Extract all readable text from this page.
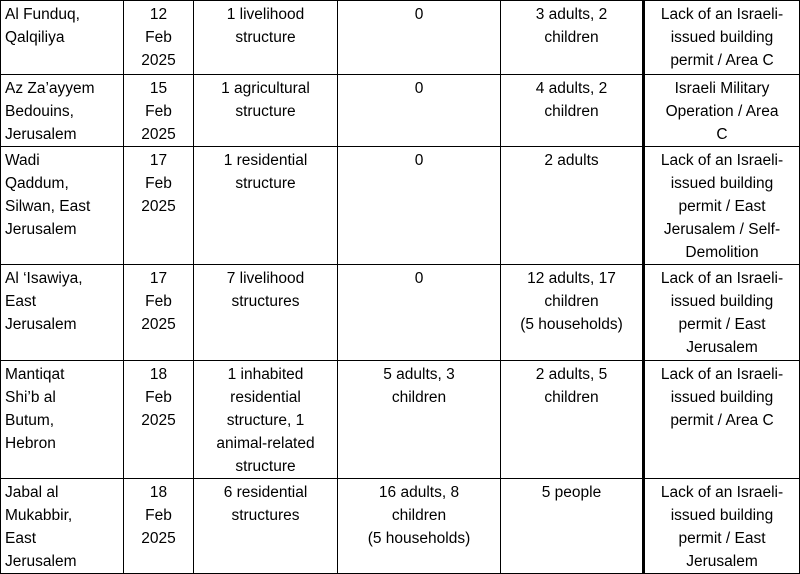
Al Funduq,
Qalqiliya	12
Feb
2025	1 livelihood
structure	0	3 adults, 2
children	Lack of an Israeli-
issued building
permit / Area C

Az Za’ayyem
Bedouins,
Jerusalem	15
Feb
2025	1 agricultural
structure	0	4 adults, 2
children	Israeli Military
Operation / Area
C

Wadi
Qaddum,
Silwan, East
Jerusalem	17
Feb
2025	1 residential
structure	0	2 adults	Lack of an Israeli-
issued building
permit / East
Jerusalem / Self-
Demolition

Al ‘Isawiya,
East
Jerusalem	17
Feb
2025	7 livelihood
structures	0	12 adults, 17
children
(5 households)	Lack of an Israeli-
issued building
permit / East
Jerusalem

Mantiqat
Shi’b al
Butum,
Hebron	18
Feb
2025	1 inhabited
residential
structure, 1
animal-related
structure	5 adults, 3
children	2 adults, 5
children	Lack of an Israeli-
issued building
permit / Area C

Jabal al
Mukabbir,
East
Jerusalem	18
Feb
2025	6 residential
structures	16 adults, 8
children
(5 households)	5 people	Lack of an Israeli-
issued building
permit / East
Jerusalem
